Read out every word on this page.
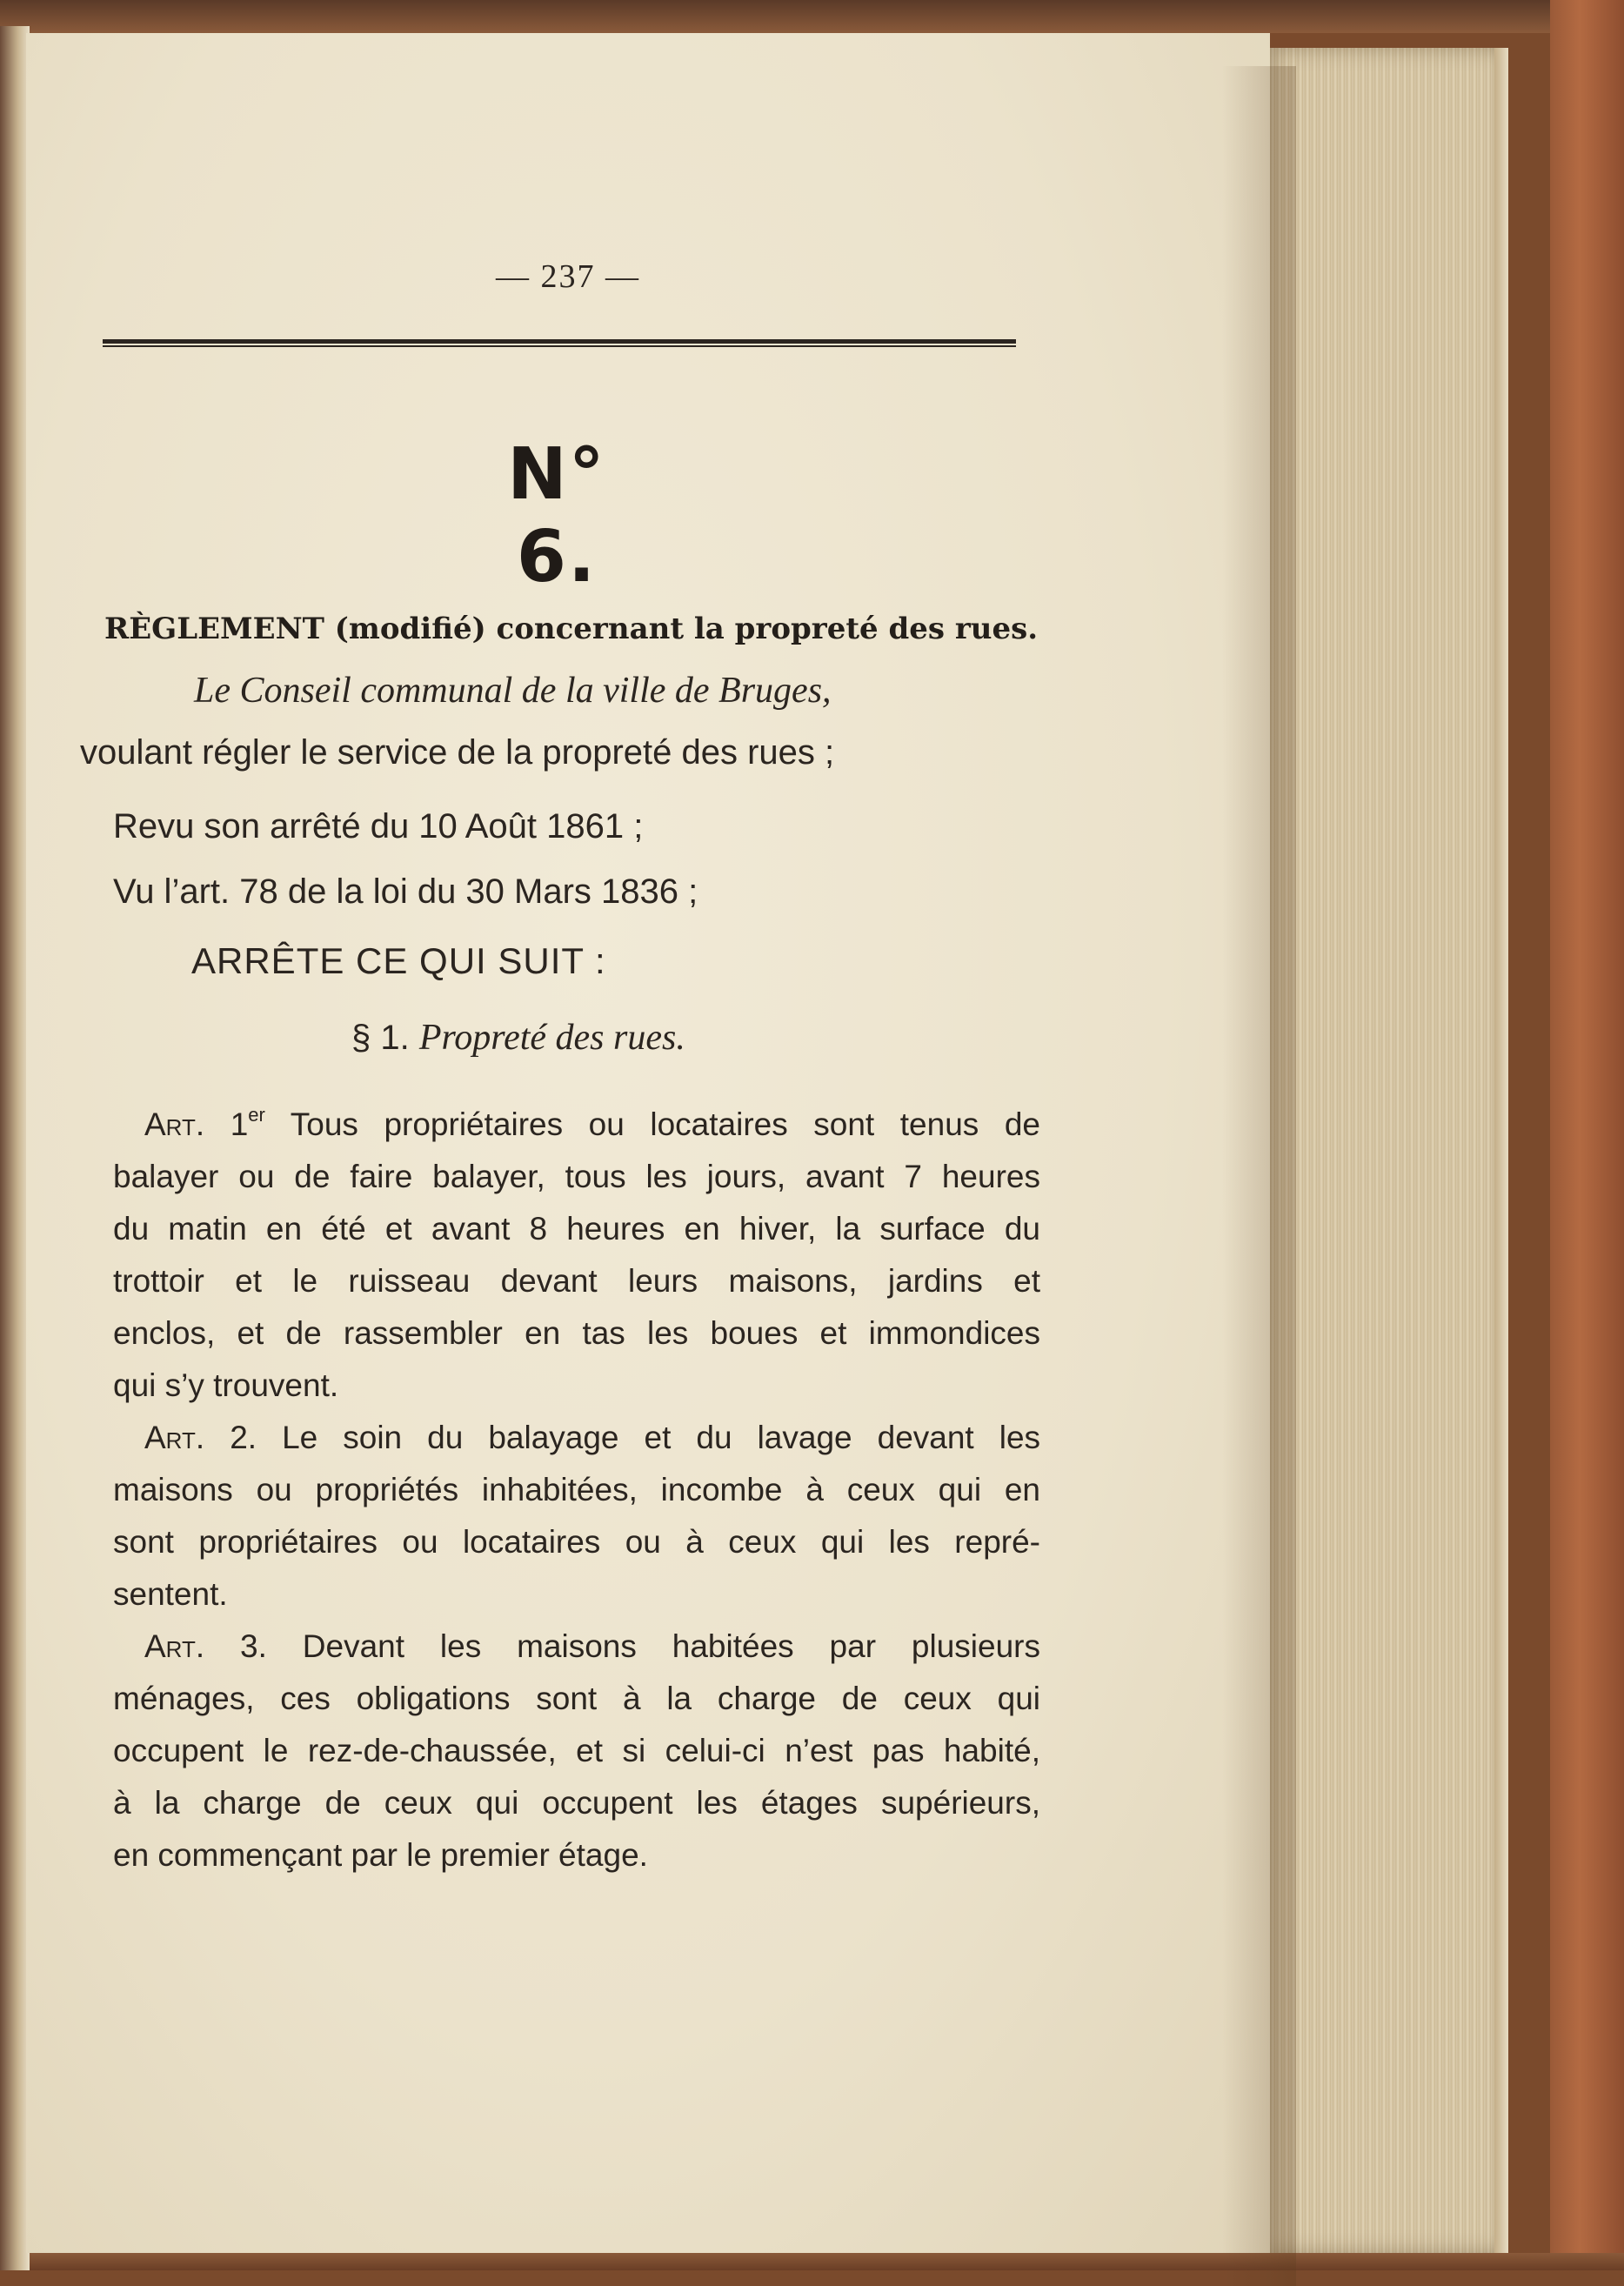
— 237 —
N° 6.
RÈGLEMENT (modifié) concernant la propreté des rues.
Le Conseil communal de la ville de Bruges,
voulant régler le service de la propreté des rues ;
Revu son arrêté du 10 Août 1861 ;
Vu l’art. 78 de la loi du 30 Mars 1836 ;
ARRÊTE CE QUI SUIT :
§ 1. Propreté des rues.
Art. 1er Tous propriétaires ou locataires sont tenus de
balayer ou de faire balayer, tous les jours, avant 7 heures
du matin en été et avant 8 heures en hiver, la surface du
trottoir et le ruisseau devant leurs maisons, jardins et
enclos, et de rassembler en tas les boues et immondices
qui s’y trouvent.
Art. 2. Le soin du balayage et du lavage devant les
maisons ou propriétés inhabitées, incombe à ceux qui en
sont propriétaires ou locataires ou à ceux qui les repré-
sentent.
Art. 3. Devant les maisons habitées par plusieurs
ménages, ces obligations sont à la charge de ceux qui
occupent le rez-de-chaussée, et si celui-ci n’est pas habité,
à la charge de ceux qui occupent les étages supérieurs,
en commençant par le premier étage.
